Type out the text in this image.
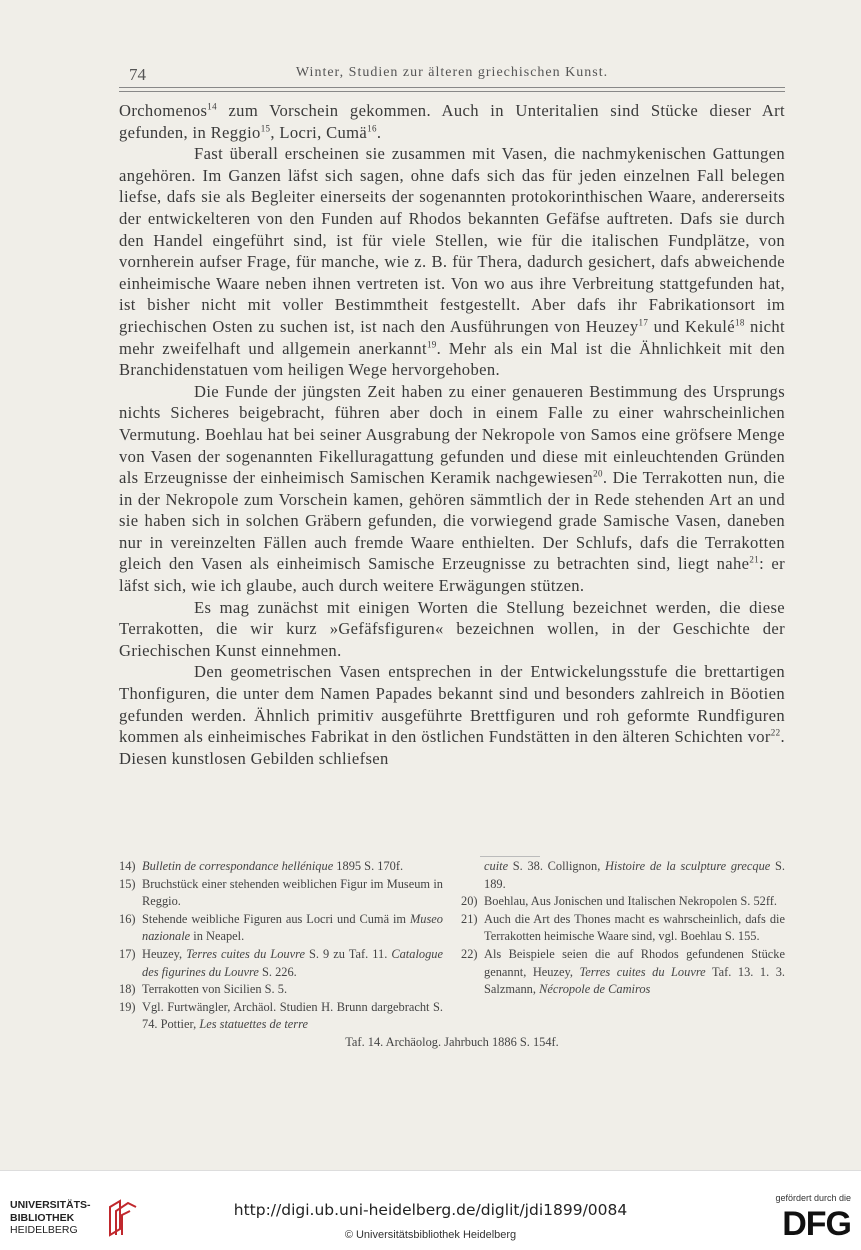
74	Winter, Studien zur älteren griechischen Kunst.

Orchomenos$^{14}$ zum Vorschein gekommen. Auch in Unteritalien sind Stücke dieser Art gefunden, in Reggio$^{15}$, Locri, Cumä$^{16}$.

Fast überall erscheinen sie zusammen mit Vasen, die nachmykenischen Gattungen angehören. Im Ganzen läfst sich sagen, ohne dafs sich das für jeden einzelnen Fall belegen liefse, dafs sie als Begleiter einerseits der sogenannten protokorinthischen Waare, andererseits der entwickelteren von den Funden auf Rhodos bekannten Gefäfse auftreten. Dafs sie durch den Handel eingeführt sind, ist für viele Stellen, wie für die italischen Fundplätze, von vornherein aufser Frage, für manche, wie z. B. für Thera, dadurch gesichert, dafs abweichende einheimische Waare neben ihnen vertreten ist. Von wo aus ihre Verbreitung stattgefunden hat, ist bisher nicht mit voller Bestimmtheit festgestellt. Aber dafs ihr Fabrikationsort im griechischen Osten zu suchen ist, ist nach den Ausführungen von Heuzey$^{17}$ und Kekulé$^{18}$ nicht mehr zweifelhaft und allgemein anerkannt$^{19}$. Mehr als ein Mal ist die Ähnlichkeit mit den Branchidenstatuen vom heiligen Wege hervorgehoben.

Die Funde der jüngsten Zeit haben zu einer genaueren Bestimmung des Ursprungs nichts Sicheres beigebracht, führen aber doch in einem Falle zu einer wahrscheinlichen Vermutung. Boehlau hat bei seiner Ausgrabung der Nekropole von Samos eine gröfsere Menge von Vasen der sogenannten Fikelluragattung gefunden und diese mit einleuchtenden Gründen als Erzeugnisse der einheimisch Samischen Keramik nachgewiesen$^{20}$. Die Terrakotten nun, die in der Nekropole zum Vorschein kamen, gehören sämmtlich der in Rede stehenden Art an und sie haben sich in solchen Gräbern gefunden, die vorwiegend grade Samische Vasen, daneben nur in vereinzelten Fällen auch fremde Waare enthielten. Der Schlufs, dafs die Terrakotten gleich den Vasen als einheimisch Samische Erzeugnisse zu betrachten sind, liegt nahe$^{21}$: er läfst sich, wie ich glaube, auch durch weitere Erwägungen stützen.

Es mag zunächst mit einigen Worten die Stellung bezeichnet werden, die diese Terrakotten, die wir kurz »Gefäfsfiguren« bezeichnen wollen, in der Geschichte der Griechischen Kunst einnehmen.

Den geometrischen Vasen entsprechen in der Entwickelungsstufe die brettartigen Thonfiguren, die unter dem Namen Papades bekannt sind und besonders zahlreich in Böotien gefunden werden. Ähnlich primitiv ausgeführte Brettfiguren und roh geformte Rundfiguren kommen als einheimisches Fabrikat in den östlichen Fundstätten in den älteren Schichten vor$^{22}$. Diesen kunstlosen Gebilden schliefsen

14) Bulletin de correspondance hellénique 1895 S. 170f.
15) Bruchstück einer stehenden weiblichen Figur im Museum in Reggio.
16) Stehende weibliche Figuren aus Locri und Cumä im Museo nazionale in Neapel.
17) Heuzey, Terres cuites du Louvre S. 9 zu Taf. 11. Catalogue des figurines du Louvre S. 226.
18) Terrakotten von Sicilien S. 5.
19) Vgl. Furtwängler, Archäol. Studien H. Brunn dargebracht S. 74. Pottier, Les statuettes de terre
cuite S. 38. Collignon, Histoire de la sculpture grecque S. 189.
20) Boehlau, Aus Jonischen und Italischen Nekropolen S. 52ff.
21) Auch die Art des Thones macht es wahrscheinlich, dafs die Terrakotten heimische Waare sind, vgl. Boehlau S. 155.
22) Als Beispiele seien die auf Rhodos gefundenen Stücke genannt, Heuzey, Terres cuites du Louvre Taf. 13. 1. 3. Salzmann, Nécropole de Camiros
Taf. 14. Archäolog. Jahrbuch 1886 S. 154f.
UNIVERSITÄTS-
BIBLIOTHEK
HEIDELBERG
http://digi.ub.uni-heidelberg.de/diglit/jdi1899/0084
© Universitätsbibliothek Heidelberg
gefördert durch die
DFG
